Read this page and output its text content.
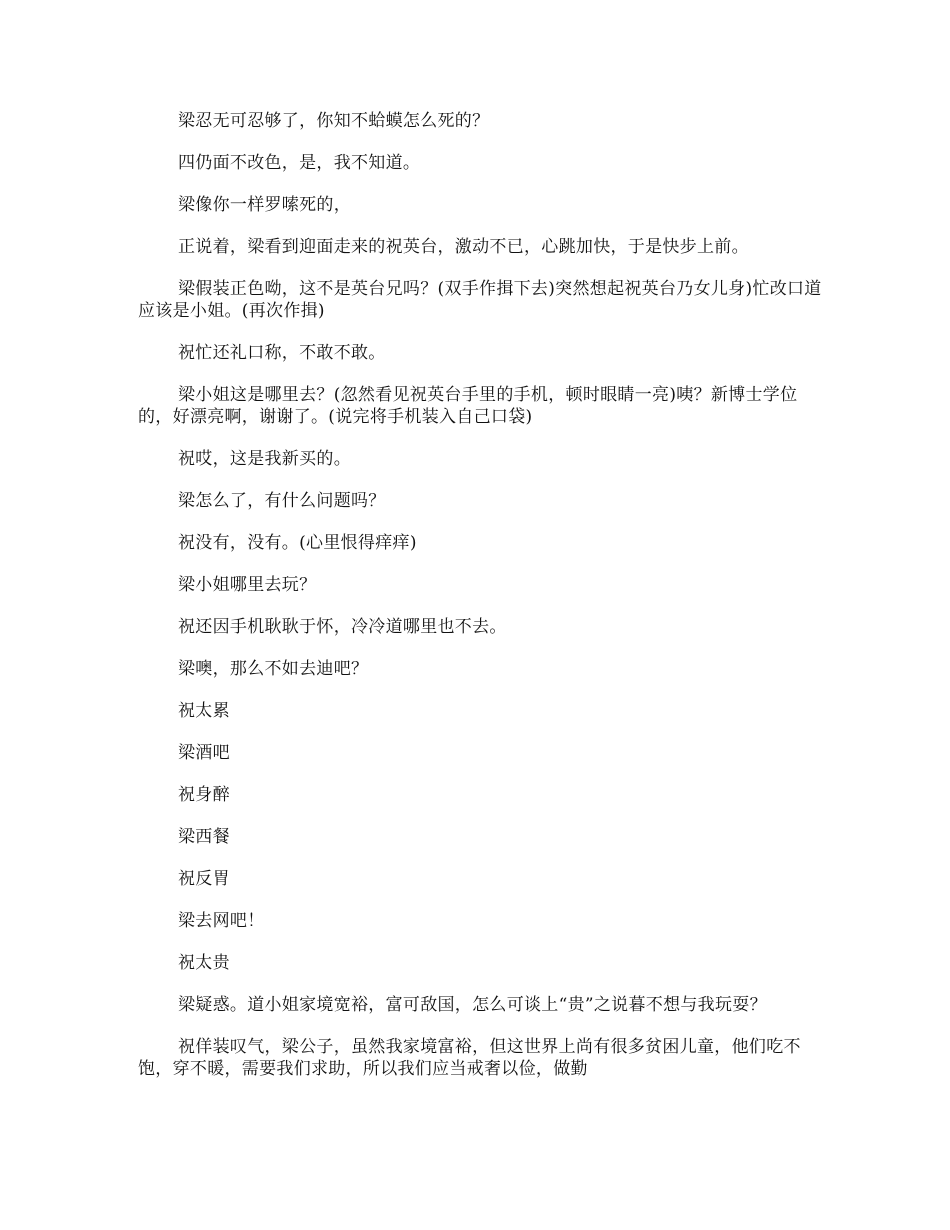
梁忍无可忍够了，你知不蛤蟆怎么死的？

四仍面不改色，是，我不知道。

梁像你一样罗嗦死的，

正说着，梁看到迎面走来的祝英台，激动不已，心跳加快，于是快步上前。

梁假装正色呦，这不是英台兄吗？(双手作揖下去)突然想起祝英台乃女儿身)忙改口道应该是小姐。(再次作揖)

祝忙还礼口称，不敢不敢。

梁小姐这是哪里去？(忽然看见祝英台手里的手机，顿时眼睛一亮)咦？新博士学位的，好漂亮啊，谢谢了。(说完将手机装入自己口袋)

祝哎，这是我新买的。

梁怎么了，有什么问题吗？

祝没有，没有。(心里恨得痒痒)

梁小姐哪里去玩？

祝还因手机耿耿于怀，冷冷道哪里也不去。

梁噢，那么不如去迪吧？

祝太累

梁酒吧

祝身醉

梁西餐

祝反胃

梁去网吧！

祝太贵

梁疑惑。道小姐家境宽裕，富可敌国，怎么可谈上“贵”之说暮不想与我玩耍？

祝佯装叹气，梁公子，虽然我家境富裕，但这世界上尚有很多贫困儿童，他们吃不饱，穿不暖，需要我们求助，所以我们应当戒奢以俭，做勤
